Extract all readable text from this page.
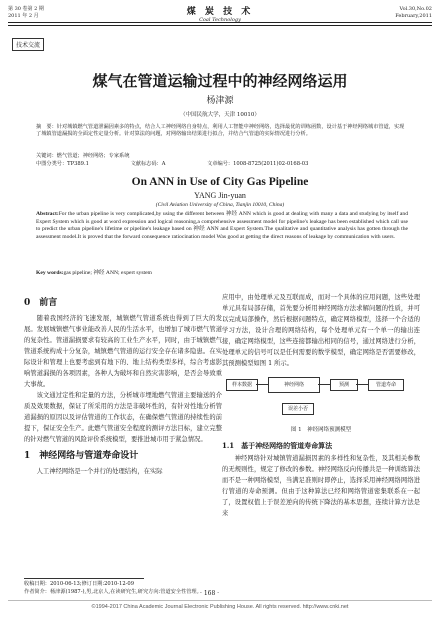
第 30 卷第 2 期
2011 年 2 月	煤 炭 技 术
Coal Technology
Vol.30,No.02
February,2011
技术交流
煤气在管道运输过程中的神经网络运用
杨津源
（中国民航大学，天津 10010）
摘　要：针对城镇燃气管道泄漏因素多的特点，结合人工神经网络自身特点，利用人工智能中神经网络，选择最优的训练函数，设计基于神经网络城市管道，实现了城镇管道漏损的全面定性定量分析。针对算法的问题，对网络输出结果进行拟合，并结合气管道的实际情况进行分析。
关键词：燃气管道；神经网络；专家系统
中图分类号：TP389.1	文献标志码：A	文章编号：1008-8725(2011)02-0168-03
On ANN in Use of City Gas Pipeline
YANG Jin-yuan
(Civil Aviation University of China, Tianjin 10010, China)
Abstract:For the urban pipeline is very complicated,by using the different between 神经 ANN which is good at dealing with many a data and studying by itself and Expert System which is good at word expression and logical reasoning,a comprehensive assessment model for pipeline's leakage has been established which call use to predict the urban pipeline's lifetime or pipeline's leakage based on 神经 ANN and Expert System.The qualitative and quantitative analysis has gotten through the assessment model.It is proved that the forward consequence ratiocination model Was good at getting the direct reasons of leakage by communication with users.
Key words:gas pipeline; 神经 ANN; expert system
0　前言

随着我国经济的飞速发展，城镇燃气管道系统也得到了巨大的发展。发展城镇燃气事业能改善人民的生活水平，也增加了城市燃气管道的复杂性。管道漏损要求有较高的工业生产水平，同时，由于城镇燃气管道系统构成十分复杂，城镇燃气管道的运行安全存在诸多隐患。在实际设计和管理上也要考虑到有地下的、地上结构类型多样，综合考虑影响管道漏损的各项因素，各种人为破坏和自然灾害影响，是否会导致重大事故。

该文通过定性和定量的方法，分析城市埋地燃气管道主要输送的介质及效果数据，保证了所采用的方法是非破坏性的，有针对性地分析管道漏损的原因以及评估管道的工作状态，在确保燃气管道的持续性的前提下，保证安全生产。此燃气管道安全程度的测评方法目标，建立完整的针对燃气管道的风险评价系统模型，要推进城市用于紧急情况。

1　神经网络与管道寿命设计

人工神经网络是一个并行的处理结构，在实际

应用中，由处理单元及互联而成，而对一个具体的应用问题，这些处理单元具有局部存储，首先要分析用神经网络方法求解问题的性质，并可以完成局部操作，然后根据问题特点，确定网络模型，选择一个合适的学习方法，设计合理的网络结构，每个处理单元有一个单一的输出连接，确定网络模型，这些连接都输出相同的信号，通过网络进行分析，处理单元的信号可以是任何需要的数学模型，确定网络是否需要修改，其预测模型如图 1 所示。

样本数据	神经网络	预测	管道寿命
误差小否
图 1　神经网络预测模型
1.1　基于神经网络的管道寿命算法

神经网络针对城镇管道漏损因素的多样性和复杂性，及其相关参数的无规则性，规定了修改的参数。神经网络反向传播共是一种训练算法而不是一种网络模型，当满足准则时即停止，选择采用神经网络网络进行管道的寿命预测。但由于这种算法已经和网络管道密集联系在一起了，设置权值上于误差逆向的传统下降法的基本思想，连续计算方法是来

收稿日期：2010-06-13;修订日期:2010-12-09
作者简介：杨津源(1987-),男,北京人,在读研究生,研究方向:管道安全性管理。
· 168 ·
©1994-2017 China Academic Journal Electronic Publishing House. All rights reserved. http://www.cnki.net
